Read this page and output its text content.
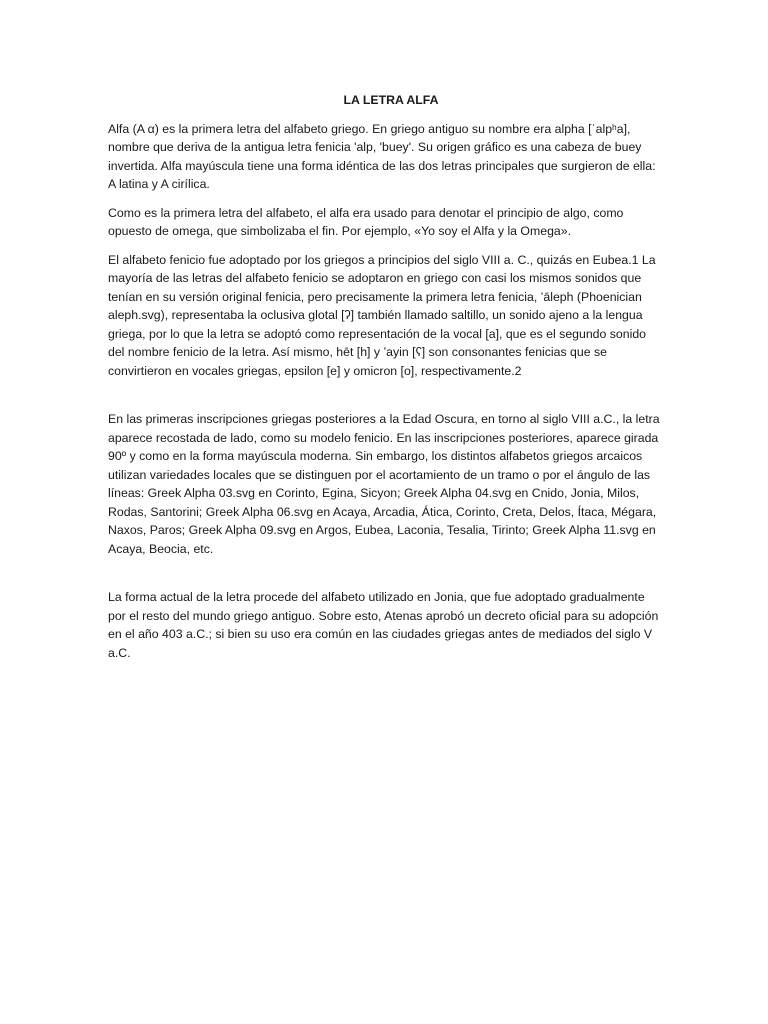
LA LETRA ALFA

Alfa (Α α) es la primera letra del alfabeto griego. En griego antiguo su nombre era alpha [ˈalpʰa], nombre que deriva de la antigua letra fenicia 'alp, 'buey'. Su origen gráfico es una cabeza de buey invertida. Alfa mayúscula tiene una forma idéntica de las dos letras principales que surgieron de ella: A latina y A cirílica.

Como es la primera letra del alfabeto, el alfa era usado para denotar el principio de algo, como opuesto de omega, que simbolizaba el fin. Por ejemplo, «Yo soy el Alfa y la Omega».

El alfabeto fenicio fue adoptado por los griegos a principios del siglo VIII a. C., quizás en Eubea.1 La mayoría de las letras del alfabeto fenicio se adoptaron en griego con casi los mismos sonidos que tenían en su versión original fenicia, pero precisamente la primera letra fenicia, ʼāleph (Phoenician aleph.svg), representaba la oclusiva glotal [ʔ] también llamado saltillo, un sonido ajeno a la lengua griega, por lo que la letra se adoptó como representación de la vocal [a], que es el segundo sonido del nombre fenicio de la letra. Así mismo, hēt [h] y ʽayin [ʕ] son consonantes fenicias que se convirtieron en vocales griegas, epsilon [e] y omicron [o], respectivamente.2

En las primeras inscripciones griegas posteriores a la Edad Oscura, en torno al siglo VIII a.C., la letra aparece recostada de lado, como su modelo fenicio. En las inscripciones posteriores, aparece girada 90º y como en la forma mayúscula moderna. Sin embargo, los distintos alfabetos griegos arcaicos utilizan variedades locales que se distinguen por el acortamiento de un tramo o por el ángulo de las líneas: Greek Alpha 03.svg en Corinto, Egina, Sicyon; Greek Alpha 04.svg en Cnido, Jonia, Milos, Rodas, Santorini; Greek Alpha 06.svg en Acaya, Arcadia, Ática, Corinto, Creta, Delos, Ítaca, Mégara, Naxos, Paros; Greek Alpha 09.svg en Argos, Eubea, Laconia, Tesalia, Tirinto; Greek Alpha 11.svg en Acaya, Beocia, etc.

La forma actual de la letra procede del alfabeto utilizado en Jonia, que fue adoptado gradualmente por el resto del mundo griego antiguo. Sobre esto, Atenas aprobó un decreto oficial para su adopción en el año 403 a.C.; si bien su uso era común en las ciudades griegas antes de mediados del siglo V a.C.
